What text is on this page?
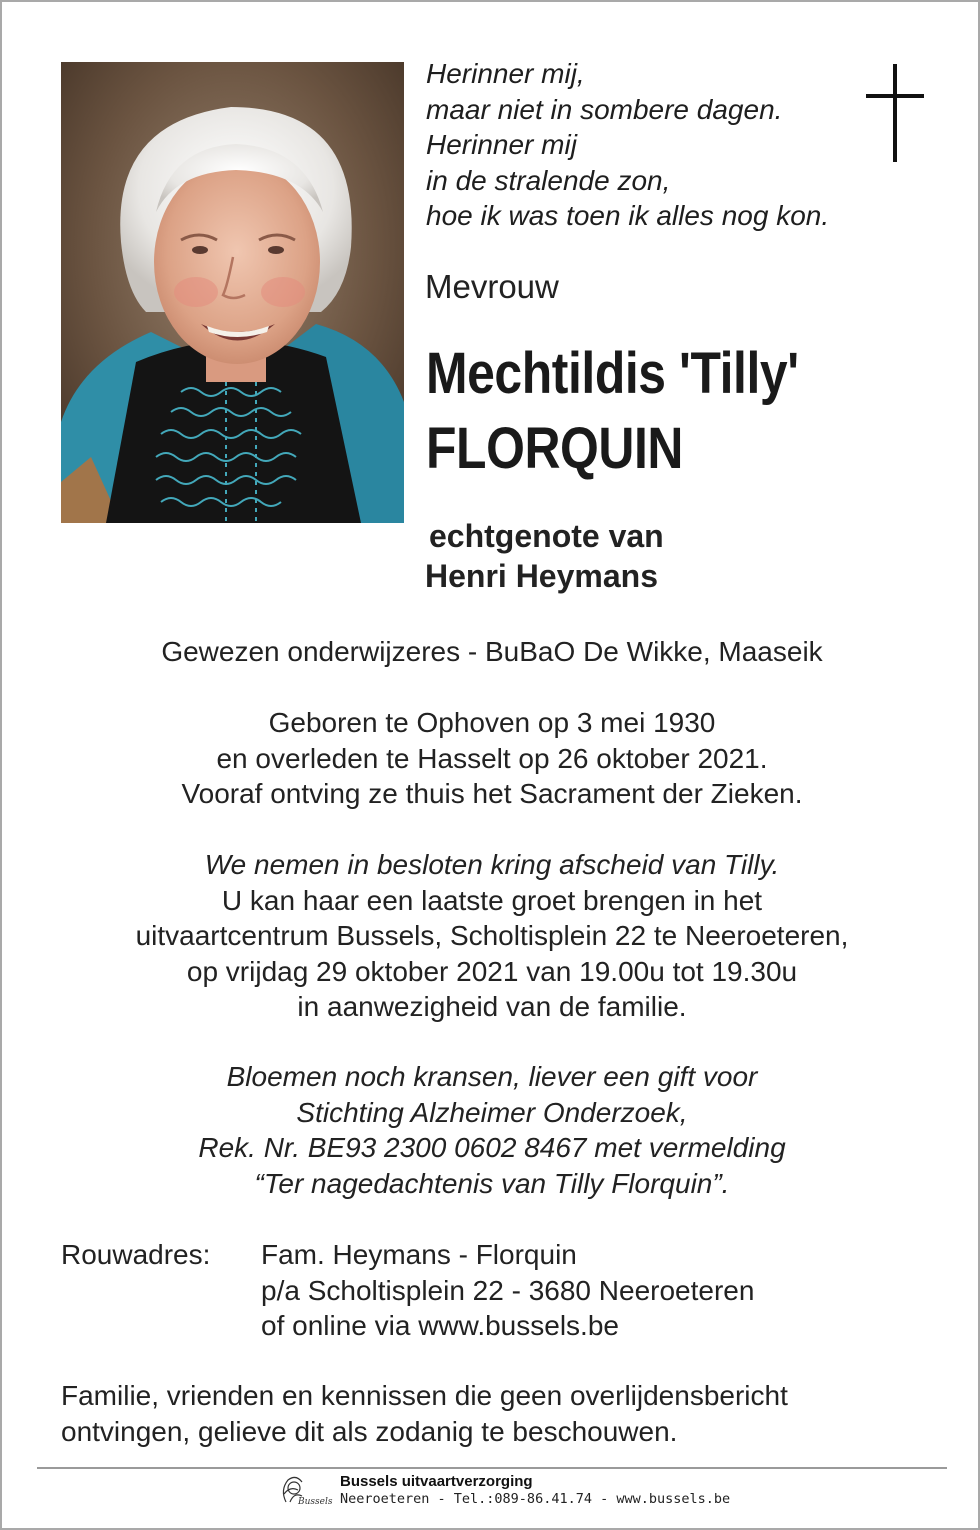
Herinner mij,
maar niet in sombere dagen.
Herinner mij
in de stralende zon,
hoe ik was toen ik alles nog kon.
Mevrouw
Mechtildis 'Tilly'
FLORQUIN
echtgenote van
Henri Heymans
Gewezen onderwijzeres - BuBaO De Wikke, Maaseik
Geboren te Ophoven op 3 mei 1930
en overleden te Hasselt op 26 oktober 2021.
Vooraf ontving ze thuis het Sacrament der Zieken.
We nemen in besloten kring afscheid van Tilly.
U kan haar een laatste groet brengen in het
uitvaartcentrum Bussels, Scholtisplein 22 te Neeroeteren,
op vrijdag 29 oktober 2021 van 19.00u tot 19.30u
in aanwezigheid van de familie.
Bloemen noch kransen, liever een gift voor
Stichting Alzheimer Onderzoek,
Rek. Nr. BE93 2300 0602 8467 met vermelding
“Ter nagedachtenis van Tilly Florquin”.
Rouwadres: Fam. Heymans - Florquin
p/a Scholtisplein 22 - 3680 Neeroeteren
of online via www.bussels.be
Familie, vrienden en kennissen die geen overlijdensbericht
ontvingen, gelieve dit als zodanig te beschouwen.
Bussels
Bussels uitvaartverzorging
Neeroeteren - Tel.:089-86.41.74 - www.bussels.be
